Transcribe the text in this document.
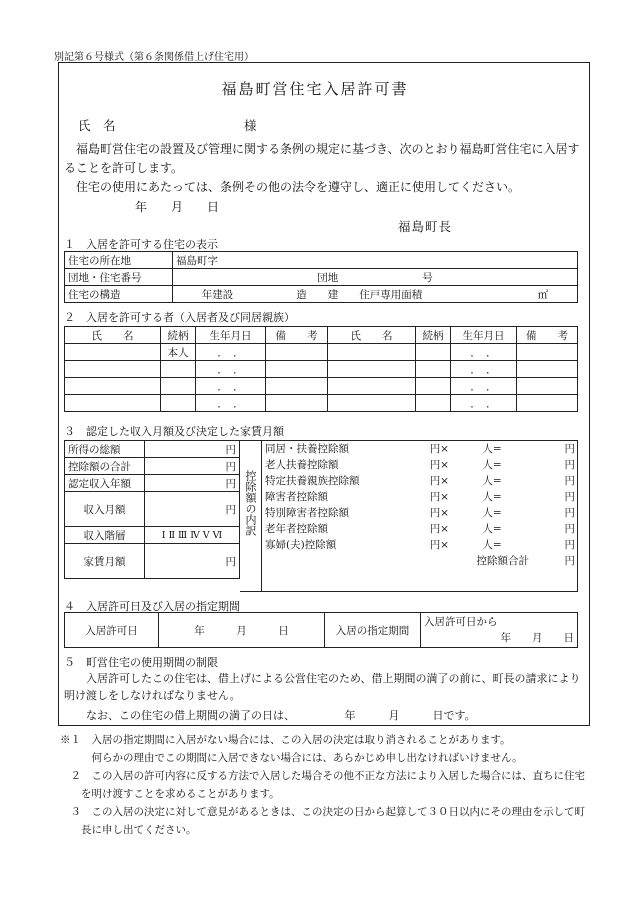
別記第６号様式（第６条関係借上げ住宅用）
福島町営住宅入居許可書
氏　名	様
　福島町営住宅の設置及び管理に関する条例の規定に基づき、次のとおり福島町営住宅に入居することを許可します。
　住宅の使用にあたっては、条例その他の法令を遵守し、適正に使用してください。
年　　月　　日
福島町長
１　入居を許可する住宅の表示
住宅の所在地	福島町字
団地・住宅番号	団地　　　　　　　　号
住宅の構造	年建設　　　　　　造　　建　　住戸専用面積　　　　　　　　　　　㎡
２　入居を許可する者（入居者及び同居親族）
氏　　名	続柄	生年月日	備　　考	氏　　名	続柄	生年月日	備　　考
	本人	．　．				．　．	
		．　．				．　．	
		．　．				．　．	
		．　．				．　．	
３　認定した収入月額及び決定した家賃月額
所得の総額	円
控除額の合計	円
認定収入年額	円
収入月額	円
収入階層	Ⅰ Ⅱ Ⅲ Ⅳ Ⅴ Ⅵ
家賃月額	円
控除額の内訳
同居・扶養控除額	円×	人=	円
老人扶養控除額	円×	人=	円
特定扶養親族控除額	円×	人=	円
障害者控除額	円×	人=	円
特別障害者控除額	円×	人=	円
老年者控除額	円×	人=	円
寡婦(夫)控除額	円×	人=	円
	控除額合計		円
４　入居許可日及び入居の指定期間
入居許可日	年　　　月　　　日	入居の指定期間	
入居許可日から
年　　月　　日
５　町営住宅の使用期間の制限
　　入居許可したこの住宅は、借上げによる公営住宅のため、借上期間の満了の前に、町長の請求により明け渡しをしなければなりません。
　　なお、この住宅の借上期間の満了の日は、　　　　　年　　　月　　　日です。
※１　入居の指定期間に入居がない場合には、この入居の決定は取り消されることがあります。
　　　何らかの理由でこの期間に入居できない場合には、あらかじめ申し出なければいけません。
　２　この入居の許可内容に反する方法で入居した場合その他不正な方法により入居した場合には、直ちに住宅
　　を明け渡すことを求めることがあります。
　３　この入居の決定に対して意見があるときは、この決定の日から起算して３０日以内にその理由を示して町
　　長に申し出てください。
